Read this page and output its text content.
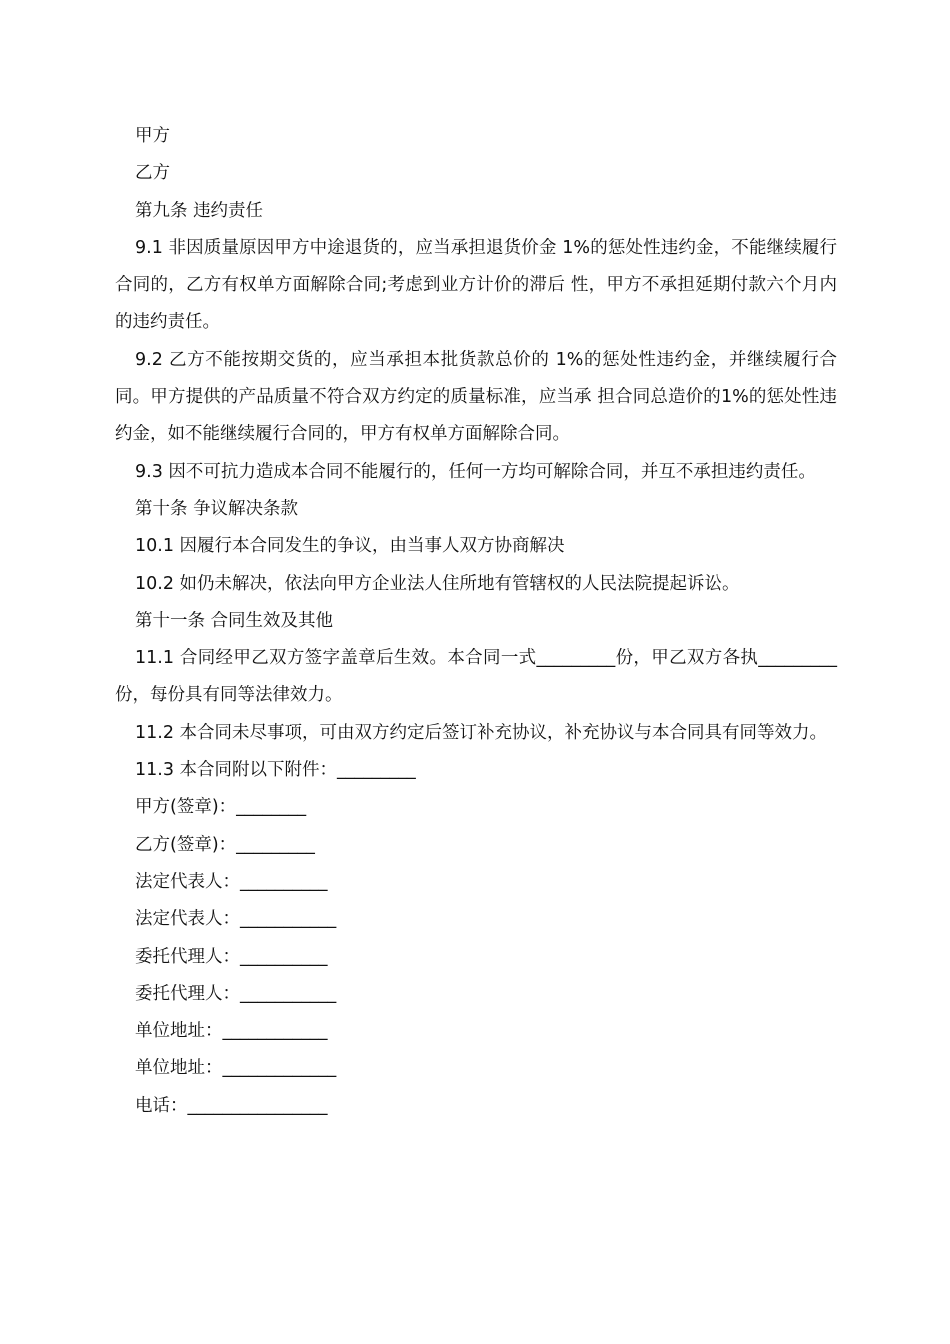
甲方

乙方

第九条 违约责任

9.1 非因质量原因甲方中途退货的，应当承担退货价金 1%的惩处性违约金，不能继续履行合同的，乙方有权单方面解除合同;考虑到业方计价的滞后 性，甲方不承担延期付款六个月内的违约责任。

9.2 乙方不能按期交货的，应当承担本批货款总价的 1%的惩处性违约金，并继续履行合同。甲方提供的产品质量不符合双方约定的质量标准，应当承 担合同总造价的1%的惩处性违约金，如不能继续履行合同的，甲方有权单方面解除合同。

9.3 因不可抗力造成本合同不能履行的，任何一方均可解除合同，并互不承担违约责任。

第十条 争议解决条款

10.1 因履行本合同发生的争议，由当事人双方协商解决

10.2 如仍未解决，依法向甲方企业法人住所地有管辖权的人民法院提起诉讼。

第十一条 合同生效及其他

11.1 合同经甲乙双方签字盖章后生效。本合同一式_________份，甲乙双方各执_________份，每份具有同等法律效力。

11.2 本合同未尽事项，可由双方约定后签订补充协议，补充协议与本合同具有同等效力。

11.3 本合同附以下附件：_________

甲方(签章)：________

乙方(签章)：_________

法定代表人：__________

法定代表人：___________

委托代理人：__________

委托代理人：___________

单位地址：____________

单位地址：_____________

电话：________________
